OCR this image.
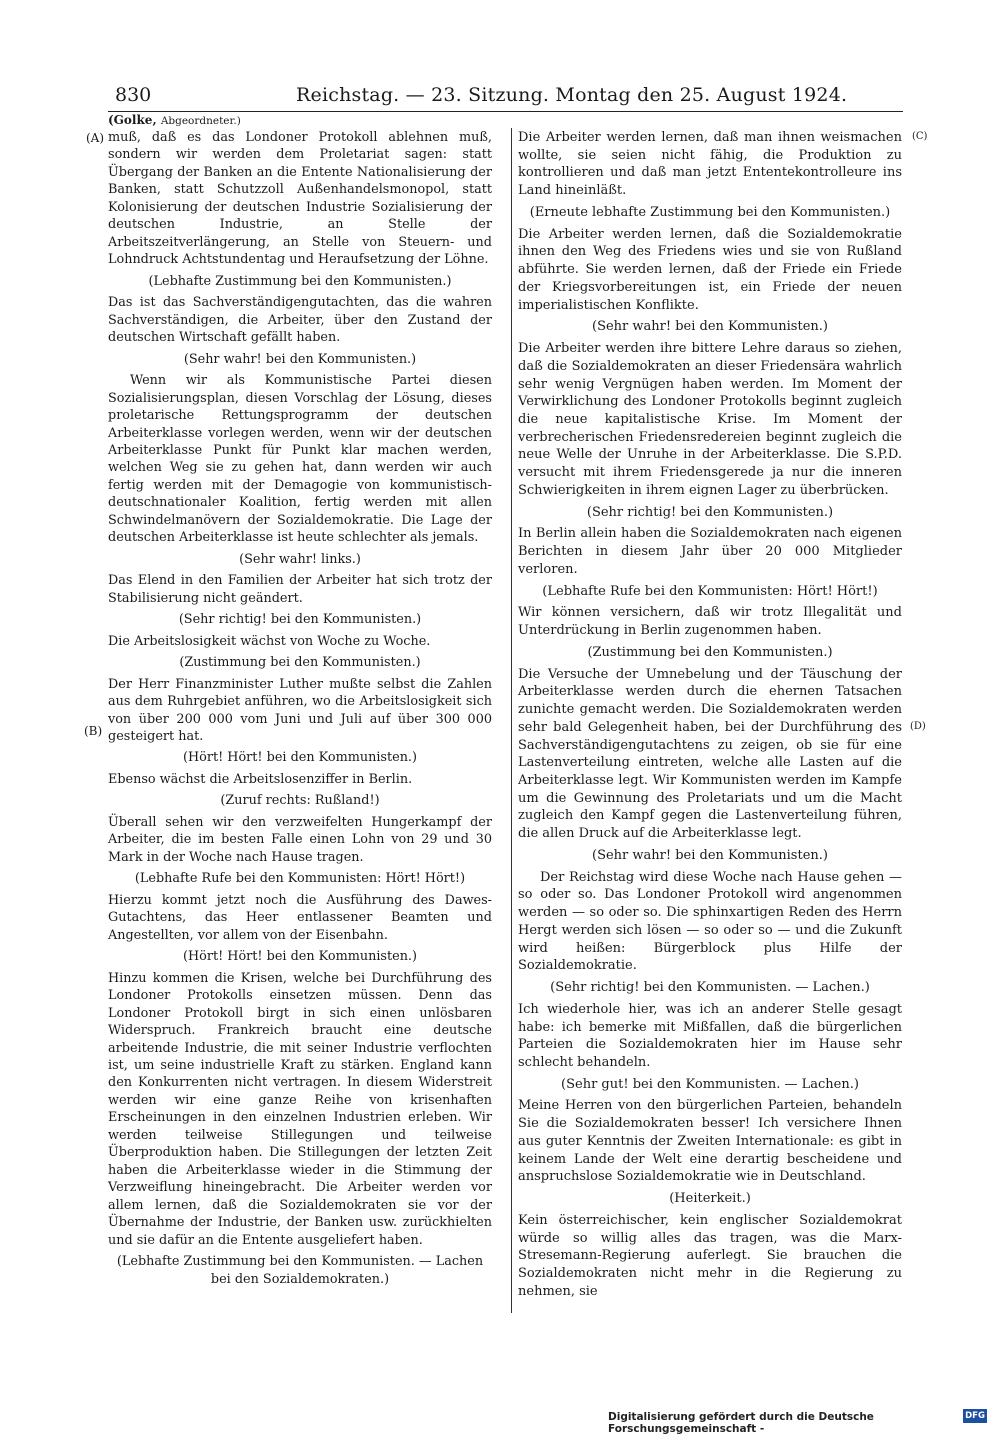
830	Reichstag. — 23. Sitzung. Montag den 25. August 1924.
(Golke, Abgeordneter.)
(A)
(B)
(C)
(D)

muß, daß es das Londoner Protokoll ablehnen muß, sondern wir werden dem Proletariat sagen: statt Übergang der Banken an die Entente Nationalisierung der Banken, statt Schutzzoll Außenhandelsmonopol, statt Kolonisierung der deutschen Industrie Sozialisierung der deutschen Industrie, an Stelle der Arbeitszeitverlängerung, an Stelle von Steuern- und Lohndruck Achtstundentag und Heraufsetzung der Löhne.

(Lebhafte Zustimmung bei den Kommunisten.)

Das ist das Sachverständigengutachten, das die wahren Sachverständigen, die Arbeiter, über den Zustand der deutschen Wirtschaft gefällt haben.

(Sehr wahr! bei den Kommunisten.)

Wenn wir als Kommunistische Partei diesen Sozialisierungsplan, diesen Vorschlag der Lösung, dieses proletarische Rettungsprogramm der deutschen Arbeiterklasse vorlegen werden, wenn wir der deutschen Arbeiterklasse Punkt für Punkt klar machen werden, welchen Weg sie zu gehen hat, dann werden wir auch fertig werden mit der Demagogie von kommunistisch-deutschnationaler Koalition, fertig werden mit allen Schwindelmanövern der Sozialdemokratie. Die Lage der deutschen Arbeiterklasse ist heute schlechter als jemals.

(Sehr wahr! links.)

Das Elend in den Familien der Arbeiter hat sich trotz der Stabilisierung nicht geändert.

(Sehr richtig! bei den Kommunisten.)

Die Arbeitslosigkeit wächst von Woche zu Woche.

(Zustimmung bei den Kommunisten.)

Der Herr Finanzminister Luther mußte selbst die Zahlen aus dem Ruhrgebiet anführen, wo die Arbeitslosigkeit sich von über 200 000 vom Juni und Juli auf über 300 000 gesteigert hat.

(Hört! Hört! bei den Kommunisten.)

Ebenso wächst die Arbeitslosenziffer in Berlin.

(Zuruf rechts: Rußland!)

Überall sehen wir den verzweifelten Hungerkampf der Arbeiter, die im besten Falle einen Lohn von 29 und 30 Mark in der Woche nach Hause tragen.

(Lebhafte Rufe bei den Kommunisten: Hört! Hört!)

Hierzu kommt jetzt noch die Ausführung des Dawes-Gutachtens, das Heer entlassener Beamten und Angestellten, vor allem von der Eisenbahn.

(Hört! Hört! bei den Kommunisten.)

Hinzu kommen die Krisen, welche bei Durchführung des Londoner Protokolls einsetzen müssen. Denn das Londoner Protokoll birgt in sich einen unlösbaren Widerspruch. Frankreich braucht eine deutsche arbeitende Industrie, die mit seiner Industrie verflochten ist, um seine industrielle Kraft zu stärken. England kann den Konkurrenten nicht vertragen. In diesem Widerstreit werden wir eine ganze Reihe von krisenhaften Erscheinungen in den einzelnen Industrien erleben. Wir werden teilweise Stillegungen und teilweise Überproduktion haben. Die Stillegungen der letzten Zeit haben die Arbeiterklasse wieder in die Stimmung der Verzweiflung hineingebracht. Die Arbeiter werden vor allem lernen, daß die Sozialdemokraten sie vor der Übernahme der Industrie, der Banken usw. zurückhielten und sie dafür an die Entente ausgeliefert haben.

(Lebhafte Zustimmung bei den Kommunisten. — Lachen bei den Sozialdemokraten.)

Die Arbeiter werden lernen, daß man ihnen weismachen wollte, sie seien nicht fähig, die Produktion zu kontrollieren und daß man jetzt Ententekontrolleure ins Land hineinläßt.

(Erneute lebhafte Zustimmung bei den Kommunisten.)

Die Arbeiter werden lernen, daß die Sozialdemokratie ihnen den Weg des Friedens wies und sie von Rußland abführte. Sie werden lernen, daß der Friede ein Friede der Kriegsvorbereitungen ist, ein Friede der neuen imperialistischen Konflikte.

(Sehr wahr! bei den Kommunisten.)

Die Arbeiter werden ihre bittere Lehre daraus so ziehen, daß die Sozialdemokraten an dieser Friedensära wahrlich sehr wenig Vergnügen haben werden. Im Moment der Verwirklichung des Londoner Protokolls beginnt zugleich die neue kapitalistische Krise. Im Moment der verbrecherischen Friedensredereien beginnt zugleich die neue Welle der Unruhe in der Arbeiterklasse. Die S.P.D. versucht mit ihrem Friedensgerede ja nur die inneren Schwierigkeiten in ihrem eignen Lager zu überbrücken.

(Sehr richtig! bei den Kommunisten.)

In Berlin allein haben die Sozialdemokraten nach eigenen Berichten in diesem Jahr über 20 000 Mitglieder verloren.

(Lebhafte Rufe bei den Kommunisten: Hört! Hört!)

Wir können versichern, daß wir trotz Illegalität und Unterdrückung in Berlin zugenommen haben.

(Zustimmung bei den Kommunisten.)

Die Versuche der Umnebelung und der Täuschung der Arbeiterklasse werden durch die ehernen Tatsachen zunichte gemacht werden. Die Sozialdemokraten werden sehr bald Gelegenheit haben, bei der Durchführung des Sachverständigengutachtens zu zeigen, ob sie für eine Lastenverteilung eintreten, welche alle Lasten auf die Arbeiterklasse legt. Wir Kommunisten werden im Kampfe um die Gewinnung des Proletariats und um die Macht zugleich den Kampf gegen die Lastenverteilung führen, die allen Druck auf die Arbeiterklasse legt.

(Sehr wahr! bei den Kommunisten.)

Der Reichstag wird diese Woche nach Hause gehen — so oder so. Das Londoner Protokoll wird angenommen werden — so oder so. Die sphinxartigen Reden des Herrn Hergt werden sich lösen — so oder so — und die Zukunft wird heißen: Bürgerblock plus Hilfe der Sozialdemokratie.

(Sehr richtig! bei den Kommunisten. — Lachen.)

Ich wiederhole hier, was ich an anderer Stelle gesagt habe: ich bemerke mit Mißfallen, daß die bürgerlichen Parteien die Sozialdemokraten hier im Hause sehr schlecht behandeln.

(Sehr gut! bei den Kommunisten. — Lachen.)

Meine Herren von den bürgerlichen Parteien, behandeln Sie die Sozialdemokraten besser! Ich versichere Ihnen aus guter Kenntnis der Zweiten Internationale: es gibt in keinem Lande der Welt eine derartig bescheidene und anspruchslose Sozialdemokratie wie in Deutschland.

(Heiterkeit.)

Kein österreichischer, kein englischer Sozialdemokrat würde so willig alles das tragen, was die Marx-Stresemann-Regierung auferlegt. Sie brauchen die Sozialdemokraten nicht mehr in die Regierung zu nehmen, sie

Digitalisierung gefördert durch die Deutsche Forschungsgemeinschaft -
DFG
